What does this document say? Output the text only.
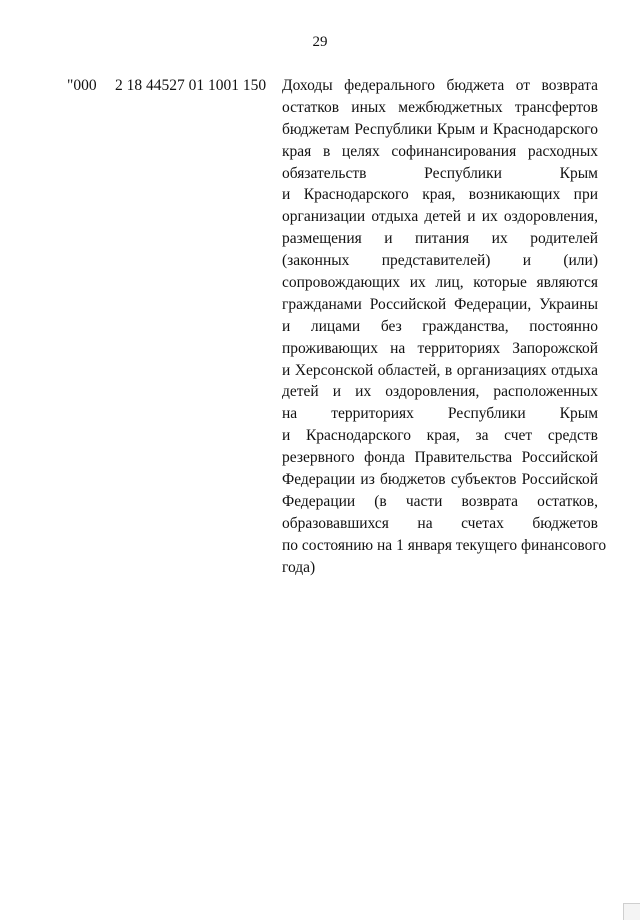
29
"000 2 18 44527 01 1001 150 Доходы федерального бюджета от возврата
остатков иных межбюджетных трансфертов
бюджетам Республики Крым и Краснодарского
края в целях софинансирования расходных
обязательств Республики Крым
и Краснодарского края, возникающих при
организации отдыха детей и их оздоровления,
размещения и питания их родителей
(законных представителей) и (или)
сопровождающих их лиц, которые являются
гражданами Российской Федерации, Украины
и лицами без гражданства, постоянно
проживающих на территориях Запорожской
и Херсонской областей, в организациях отдыха
детей и их оздоровления, расположенных
на территориях Республики Крым
и Краснодарского края, за счет средств
резервного фонда Правительства Российской
Федерации из бюджетов субъектов Российской
Федерации (в части возврата остатков,
образовавшихся на счетах бюджетов
по состоянию на 1 января текущего финансового
года)
